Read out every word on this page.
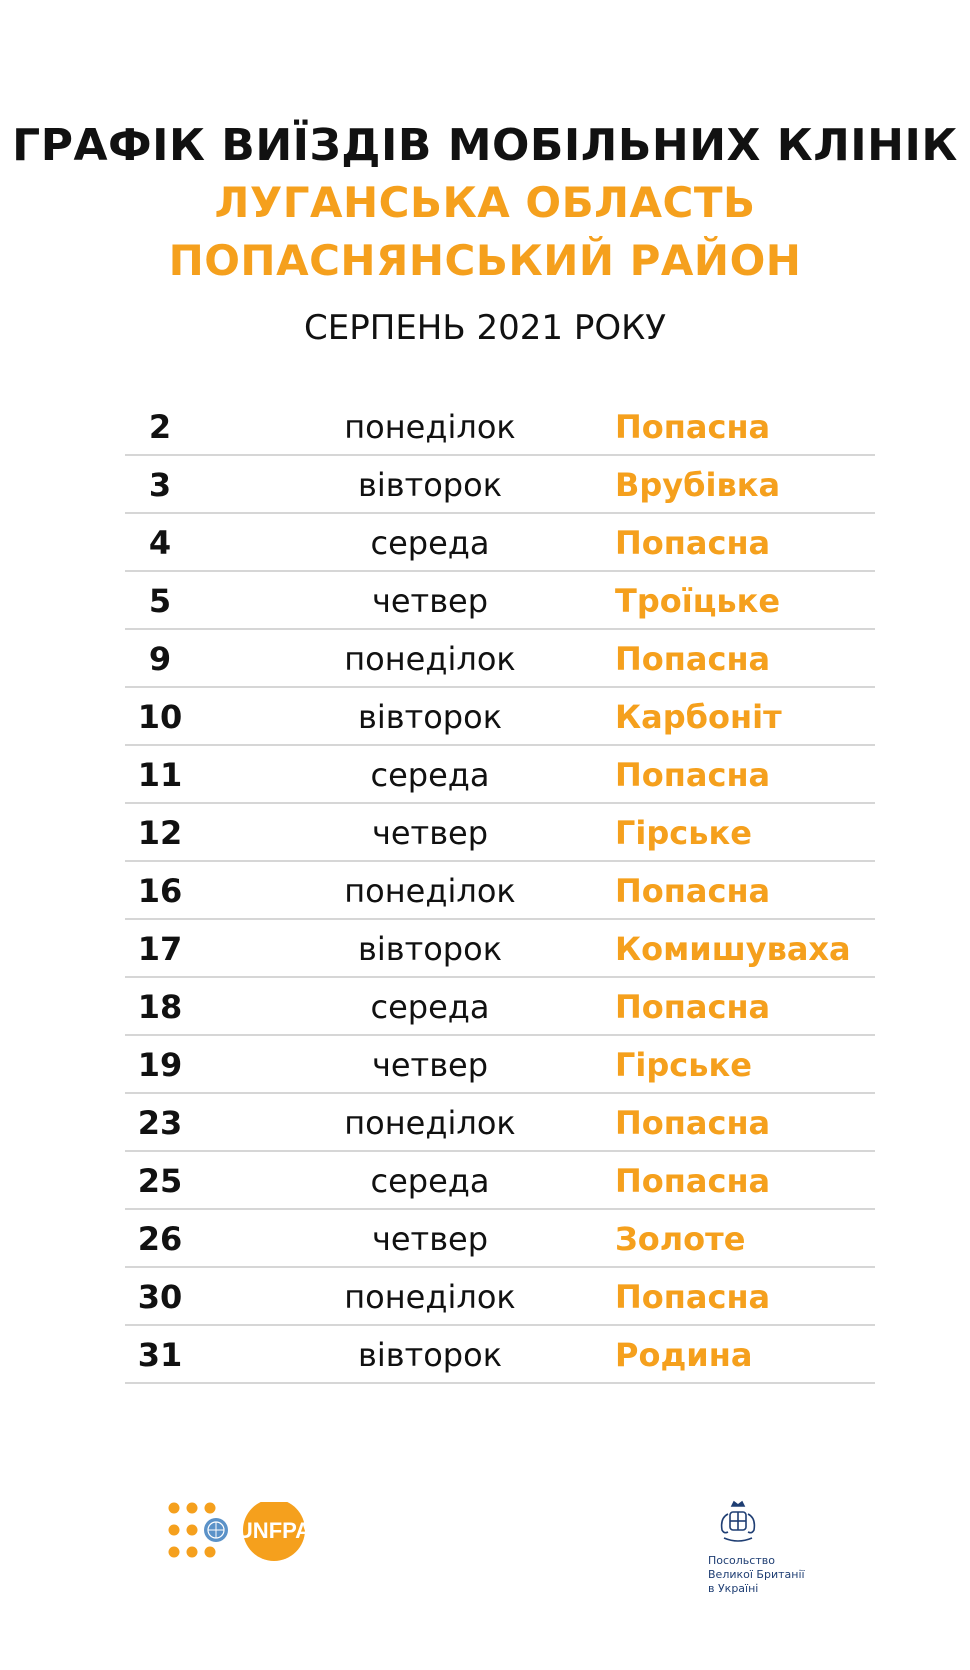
ГРАФІК ВИЇЗДІВ МОБІЛЬНИХ КЛІНІК
ЛУГАНСЬКА ОБЛАСТЬ
ПОПАСНЯНСЬКИЙ РАЙОН
СЕРПЕНЬ 2021 РОКУ
2	понеділок	Попасна
3	вівторок	Врубівка
4	середа	Попасна
5	четвер	Троїцьке
9	понеділок	Попасна
10	вівторок	Карбоніт
11	середа	Попасна
12	четвер	Гірське
16	понеділок	Попасна
17	вівторок	Комишуваха
18	середа	Попасна
19	четвер	Гірське
23	понеділок	Попасна
25	середа	Попасна
26	четвер	Золоте
30	понеділок	Попасна
31	вівторок	Родина
UNFPA
Посольство
Великої Британії
в Україні
